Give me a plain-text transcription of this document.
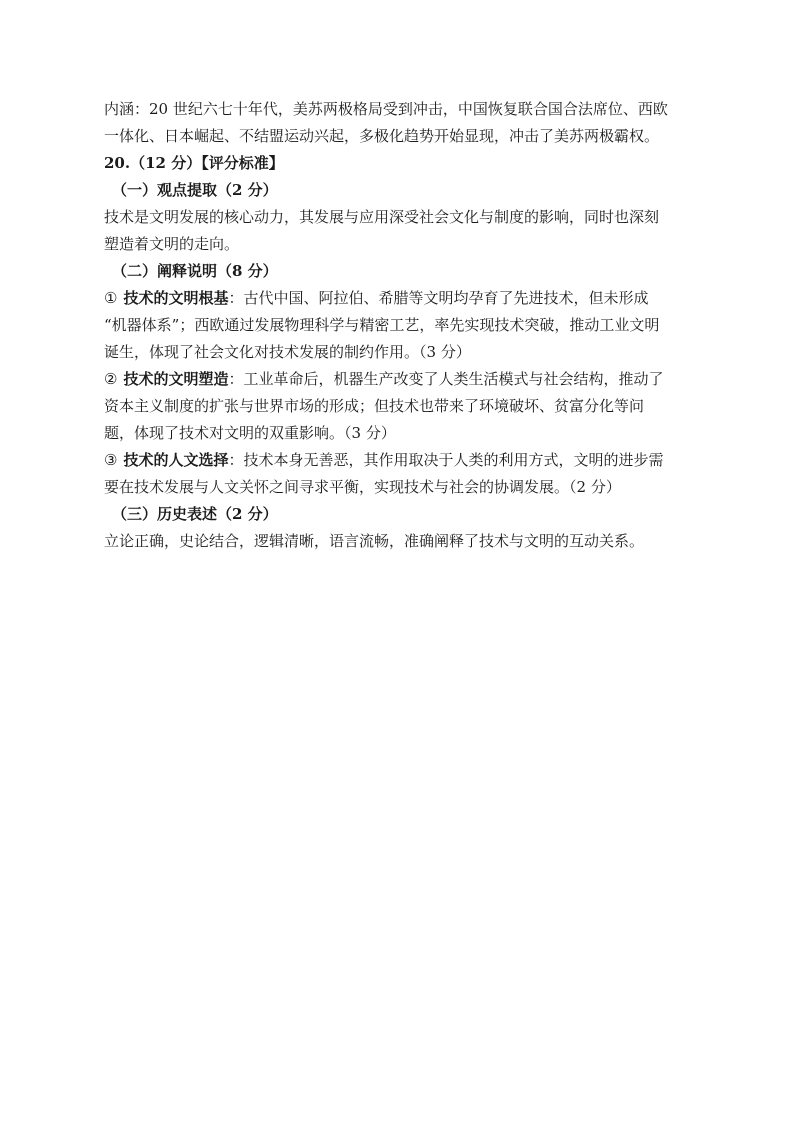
内涵：20 世纪六七十年代，美苏两极格局受到冲击，中国恢复联合国合法席位、西欧
一体化、日本崛起、不结盟运动兴起，多极化趋势开始显现，冲击了美苏两极霸权。
20.（12 分）【评分标准】
（一）观点提取（2 分）
技术是文明发展的核心动力，其发展与应用深受社会文化与制度的影响，同时也深刻
塑造着文明的走向。
（二）阐释说明（8 分）
① 技术的文明根基：古代中国、阿拉伯、希腊等文明均孕育了先进技术，但未形成
“机器体系”；西欧通过发展物理科学与精密工艺，率先实现技术突破，推动工业文明
诞生，体现了社会文化对技术发展的制约作用。（3 分）
② 技术的文明塑造：工业革命后，机器生产改变了人类生活模式与社会结构，推动了
资本主义制度的扩张与世界市场的形成；但技术也带来了环境破坏、贫富分化等问
题，体现了技术对文明的双重影响。（3 分）
③ 技术的人文选择：技术本身无善恶，其作用取决于人类的利用方式，文明的进步需
要在技术发展与人文关怀之间寻求平衡，实现技术与社会的协调发展。（2 分）
（三）历史表述（2 分）
立论正确，史论结合，逻辑清晰，语言流畅，准确阐释了技术与文明的互动关系。
